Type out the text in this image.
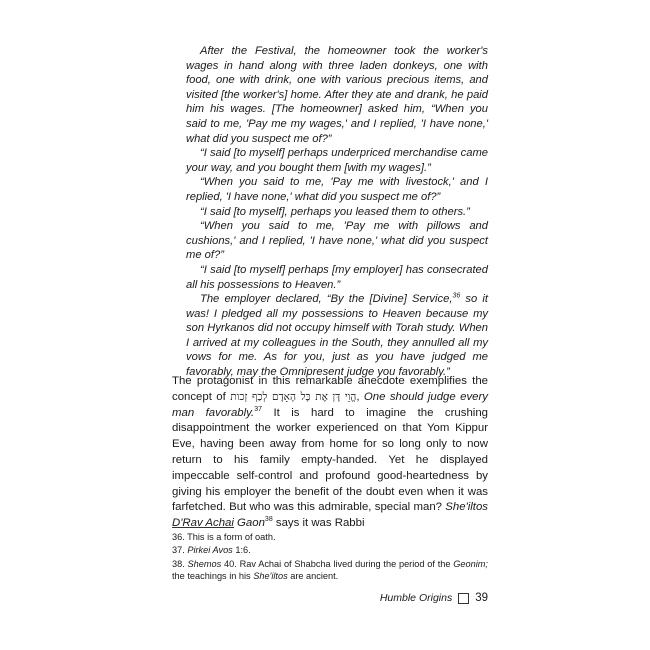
After the Festival, the homeowner took the worker's wages in hand along with three laden donkeys, one with food, one with drink, one with various precious items, and visited [the worker's] home. After they ate and drank, he paid him his wages. [The homeowner] asked him, “When you said to me, 'Pay me my wages,' and I replied, 'I have none,' what did you suspect me of?”

“I said [to myself] perhaps underpriced merchandise came your way, and you bought them [with my wages].”

“When you said to me, 'Pay me with livestock,' and I replied, 'I have none,' what did you suspect me of?”

“I said [to myself], perhaps you leased them to others.”

“When you said to me, 'Pay me with pillows and cushions,' and I replied, 'I have none,' what did you suspect me of?”

“I said [to myself] perhaps [my employer] has consecrated all his possessions to Heaven.”

The employer declared, “By the [Divine] Service,$^{36}$ so it was! I pledged all my possessions to Heaven because my son Hyrkanos did not occupy himself with Torah study. When I arrived at my colleagues in the South, they annulled all my vows for me. As for you, just as you have judged me favorably, may the Omnipresent judge you favorably.”

The protagonist in this remarkable anecdote exemplifies the concept of הֱוֵי דָּן אֶת כָּל הָאָדָם לְכַף זְכות, One should judge every man favorably.$^{37}$ It is hard to imagine the crushing disappointment the worker experienced on that Yom Kippur Eve, having been away from home for so long only to now return to his family empty-handed. Yet he displayed impeccable self-control and profound good-heartedness by giving his employer the benefit of the doubt even when it was farfetched. But who was this admirable, special man? She'iltos D'Rav Achai Gaon$^{38}$ says it was Rabbi

36. This is a form of oath.

37. Pirkei Avos 1:6.

38. Shemos 40. Rav Achai of Shabcha lived during the period of the Geonim; the teachings in his She'iltos are ancient.

Humble Origins 39
